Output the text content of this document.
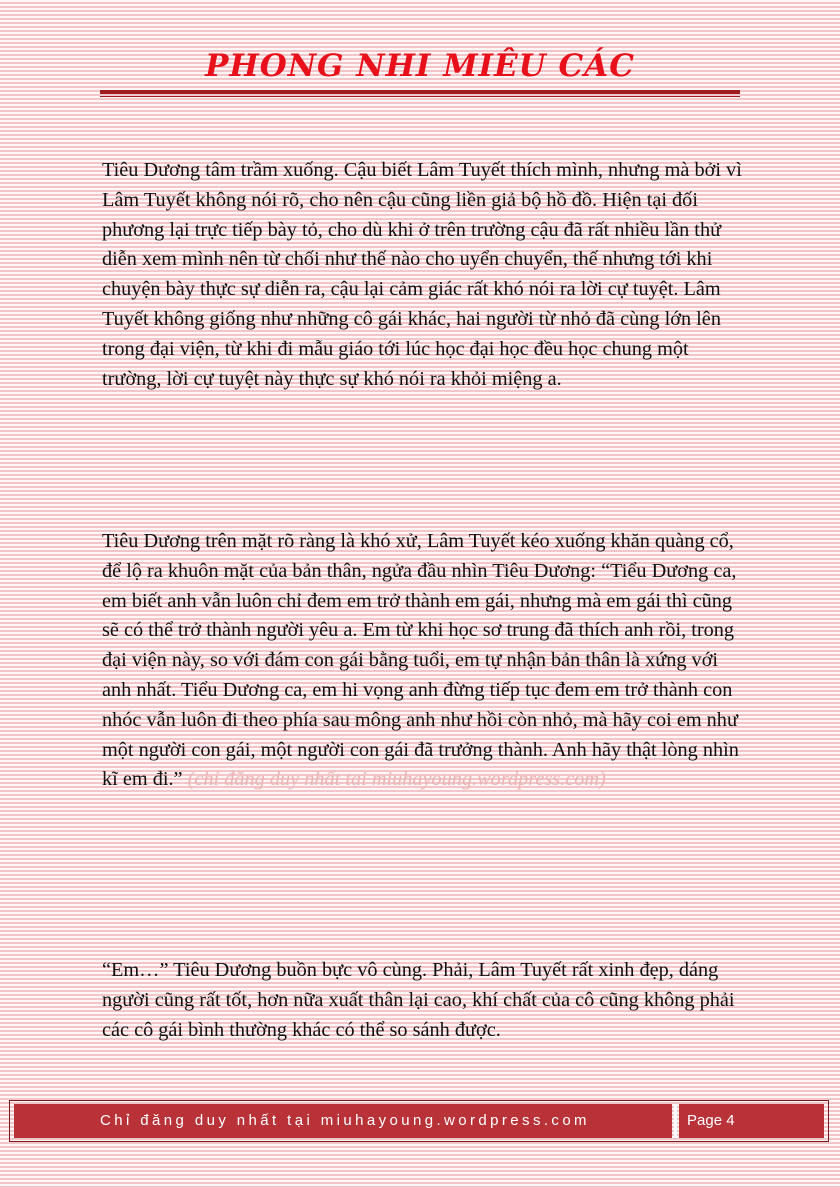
PHONG NHI MIÊU CÁC

Tiêu Dương tâm trầm xuống. Cậu biết Lâm Tuyết thích mình, nhưng mà bởi vì Lâm Tuyết không nói rõ, cho nên cậu cũng liền giả bộ hồ đồ. Hiện tại đối phương lại trực tiếp bày tỏ, cho dù khi ở trên trường cậu đã rất nhiều lần thử diễn xem mình nên từ chối như thế nào cho uyển chuyển, thế nhưng tới khi chuyện bày thực sự diễn ra, cậu lại cảm giác rất khó nói ra lời cự tuyệt. Lâm Tuyết không giống như những cô gái khác, hai người từ nhỏ đã cùng lớn lên trong đại viện, từ khi đi mẫu giáo tới lúc học đại học đều học chung một trường, lời cự tuyệt này thực sự khó nói ra khỏi miệng a.

Tiêu Dương trên mặt rõ ràng là khó xử, Lâm Tuyết kéo xuống khăn quàng cổ, để lộ ra khuôn mặt của bản thân, ngửa đầu nhìn Tiêu Dương: “Tiểu Dương ca, em biết anh vẫn luôn chỉ đem em trở thành em gái, nhưng mà em gái thì cũng sẽ có thể trở thành người yêu a. Em từ khi học sơ trung đã thích anh rồi, trong đại viện này, so với đám con gái bằng tuổi, em tự nhận bản thân là xứng với anh nhất. Tiểu Dương ca, em hi vọng anh đừng tiếp tục đem em trở thành con nhóc vẫn luôn đi theo phía sau mông anh như hồi còn nhỏ, mà hãy coi em như một người con gái, một người con gái đã trưởng thành. Anh hãy thật lòng nhìn kĩ em đi.” (chỉ đăng duy nhất tại miuhayoung.wordpress.com)

“Em…” Tiêu Dương buồn bực vô cùng. Phải, Lâm Tuyết rất xinh đẹp, dáng người cũng rất tốt, hơn nữa xuất thân lại cao, khí chất của cô cũng không phải các cô gái bình thường khác có thể so sánh được.

Chỉ đăng duy nhất tại miuhayoung.wordpress.com	Page 4
